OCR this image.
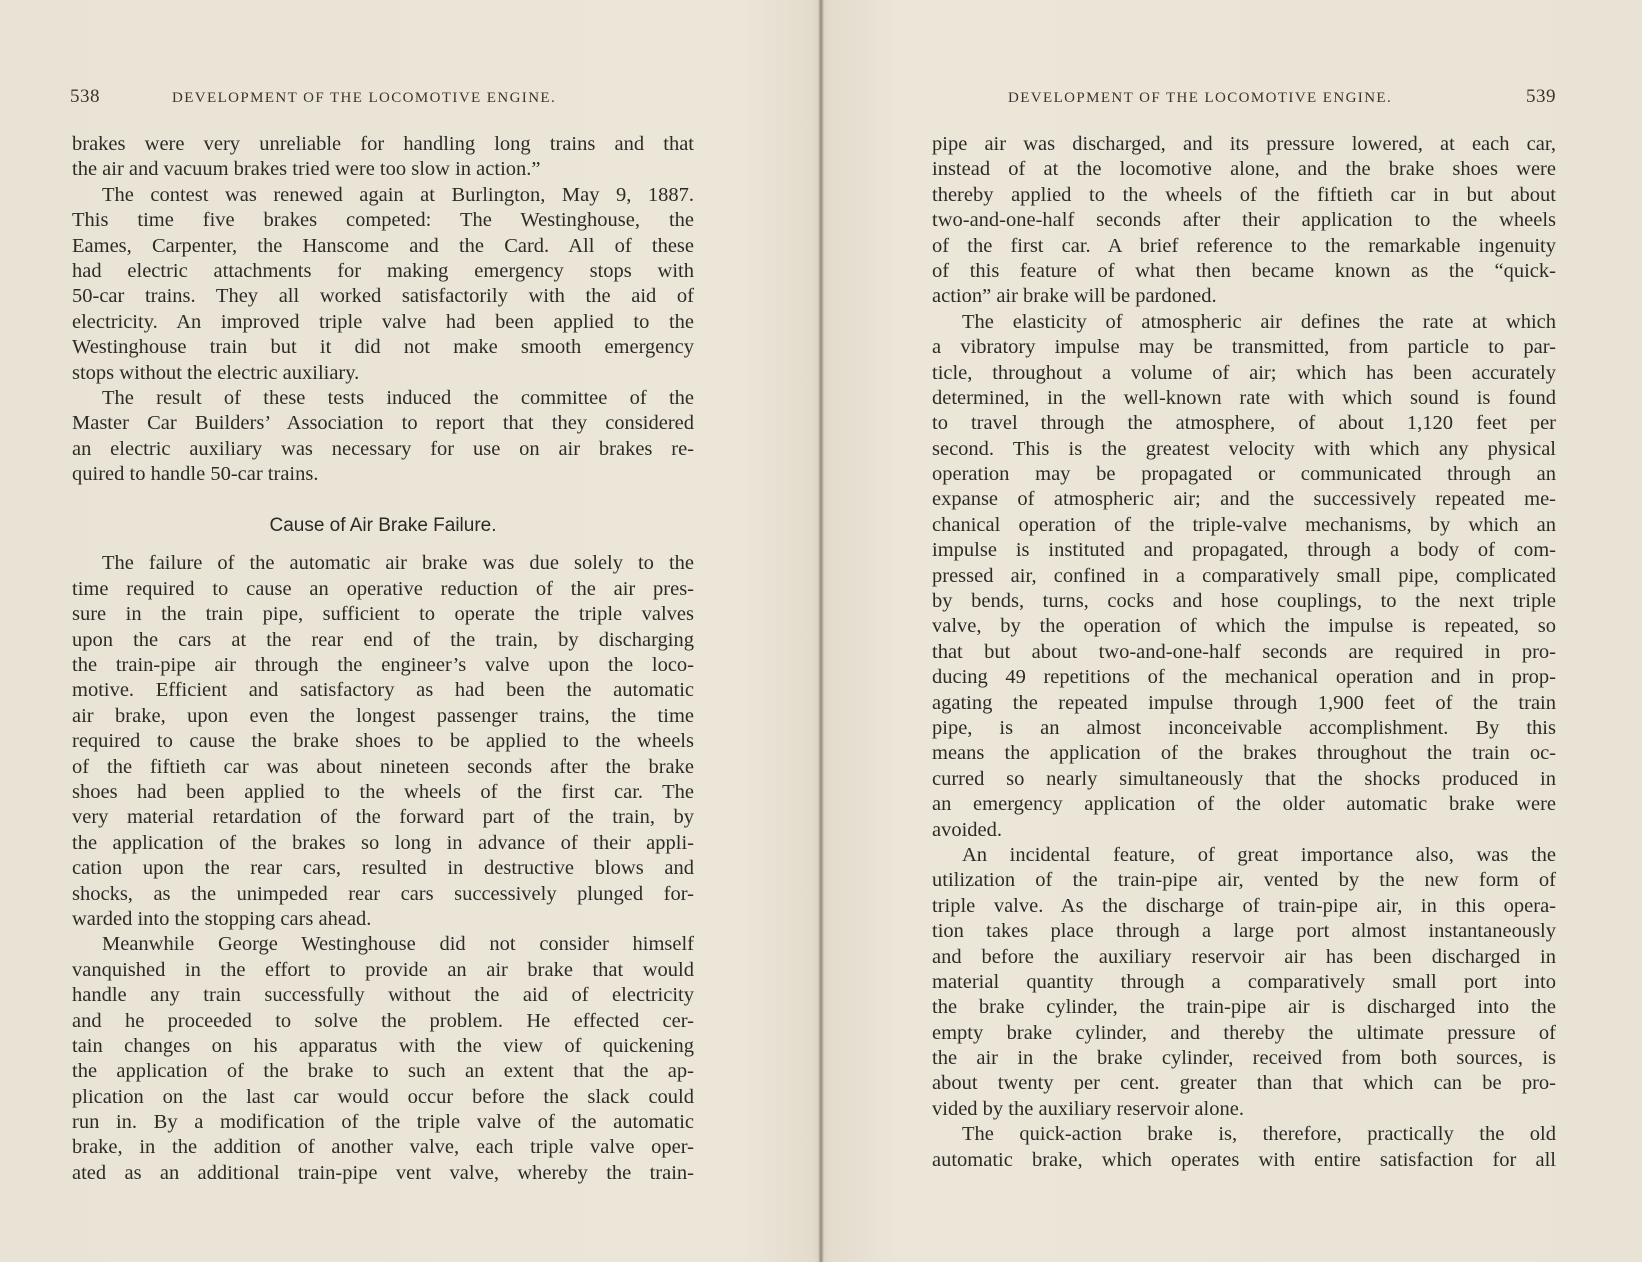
538	DEVELOPMENT OF THE LOCOMOTIVE ENGINE.
brakes were very unreliable for handling long trains and that
the air and vacuum brakes tried were too slow in action.”
The contest was renewed again at Burlington, May 9, 1887.
This time five brakes competed: The Westinghouse, the
Eames, Carpenter, the Hanscome and the Card. All of these
had electric attachments for making emergency stops with
50-car trains. They all worked satisfactorily with the aid of
electricity. An improved triple valve had been applied to the
Westinghouse train but it did not make smooth emergency
stops without the electric auxiliary.
The result of these tests induced the committee of the
Master Car Builders’ Association to report that they considered
an electric auxiliary was necessary for use on air brakes re-
quired to handle 50-car trains.
Cause of Air Brake Failure.
The failure of the automatic air brake was due solely to the
time required to cause an operative reduction of the air pres-
sure in the train pipe, sufficient to operate the triple valves
upon the cars at the rear end of the train, by discharging
the train-pipe air through the engineer’s valve upon the loco-
motive. Efficient and satisfactory as had been the automatic
air brake, upon even the longest passenger trains, the time
required to cause the brake shoes to be applied to the wheels
of the fiftieth car was about nineteen seconds after the brake
shoes had been applied to the wheels of the first car. The
very material retardation of the forward part of the train, by
the application of the brakes so long in advance of their appli-
cation upon the rear cars, resulted in destructive blows and
shocks, as the unimpeded rear cars successively plunged for-
warded into the stopping cars ahead.
Meanwhile George Westinghouse did not consider himself
vanquished in the effort to provide an air brake that would
handle any train successfully without the aid of electricity
and he proceeded to solve the problem. He effected cer-
tain changes on his apparatus with the view of quickening
the application of the brake to such an extent that the ap-
plication on the last car would occur before the slack could
run in. By a modification of the triple valve of the automatic
brake, in the addition of another valve, each triple valve oper-
ated as an additional train-pipe vent valve, whereby the train-
DEVELOPMENT OF THE LOCOMOTIVE ENGINE.	539
pipe air was discharged, and its pressure lowered, at each car,
instead of at the locomotive alone, and the brake shoes were
thereby applied to the wheels of the fiftieth car in but about
two-and-one-half seconds after their application to the wheels
of the first car. A brief reference to the remarkable ingenuity
of this feature of what then became known as the “quick-
action” air brake will be pardoned.
The elasticity of atmospheric air defines the rate at which
a vibratory impulse may be transmitted, from particle to par-
ticle, throughout a volume of air; which has been accurately
determined, in the well-known rate with which sound is found
to travel through the atmosphere, of about 1,120 feet per
second. This is the greatest velocity with which any physical
operation may be propagated or communicated through an
expanse of atmospheric air; and the successively repeated me-
chanical operation of the triple-valve mechanisms, by which an
impulse is instituted and propagated, through a body of com-
pressed air, confined in a comparatively small pipe, complicated
by bends, turns, cocks and hose couplings, to the next triple
valve, by the operation of which the impulse is repeated, so
that but about two-and-one-half seconds are required in pro-
ducing 49 repetitions of the mechanical operation and in prop-
agating the repeated impulse through 1,900 feet of the train
pipe, is an almost inconceivable accomplishment. By this
means the application of the brakes throughout the train oc-
curred so nearly simultaneously that the shocks produced in
an emergency application of the older automatic brake were
avoided.
An incidental feature, of great importance also, was the
utilization of the train-pipe air, vented by the new form of
triple valve. As the discharge of train-pipe air, in this opera-
tion takes place through a large port almost instantaneously
and before the auxiliary reservoir air has been discharged in
material quantity through a comparatively small port into
the brake cylinder, the train-pipe air is discharged into the
empty brake cylinder, and thereby the ultimate pressure of
the air in the brake cylinder, received from both sources, is
about twenty per cent. greater than that which can be pro-
vided by the auxiliary reservoir alone.
The quick-action brake is, therefore, practically the old
automatic brake, which operates with entire satisfaction for all
